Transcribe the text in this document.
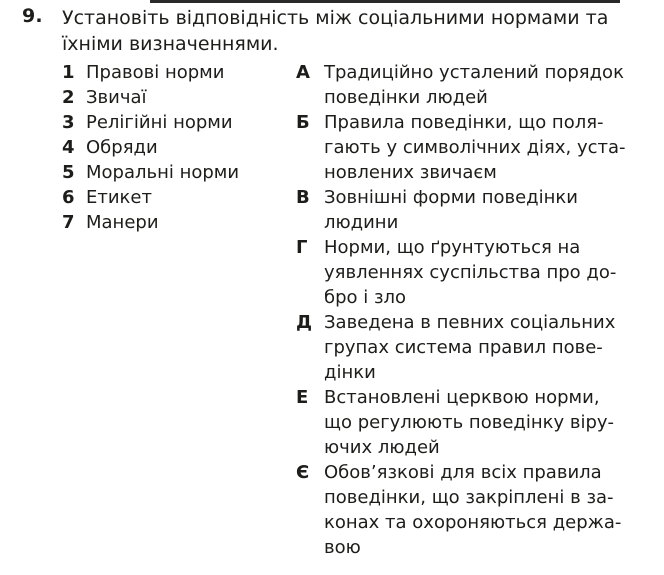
9. Установіть відповідність між соціальними нормами та
їхніми визначеннями.
1 Правові норми
2 Звичаї
3 Релігійні норми
4 Обряди
5 Моральні норми
6 Етикет
7 Манери
А Традиційно усталений порядок
поведінки людей
Б Правила поведінки, що поля-
гають у символічних діях, уста-
новлених звичаєм
В Зовнішні форми поведінки
людини
Г Норми, що ґрунтуються на
уявленнях суспільства про до-
бро і зло
Д Заведена в певних соціальних
групах система правил пове-
дінки
Е Встановлені церквою норми,
що регулюють поведінку віру-
ючих людей
Є Обов’язкові для всіх правила
поведінки, що закріплені в за-
конах та охороняються держа-
вою
